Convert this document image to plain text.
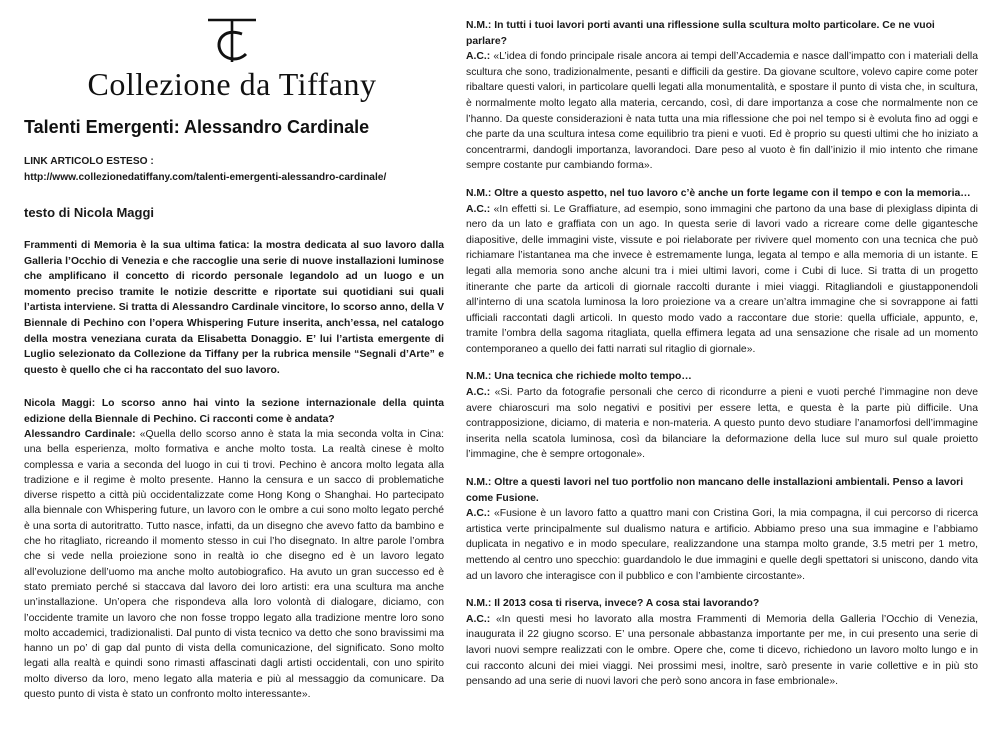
Collezione da Tiffany
Talenti Emergenti: Alessandro Cardinale
LINK ARTICOLO ESTESO :
http://www.collezionedatiffany.com/talenti-emergenti-alessandro-cardinale/
testo di Nicola Maggi
Frammenti di Memoria è la sua ultima fatica: la mostra dedicata al suo lavoro dalla Galleria l’Occhio di Venezia e che raccoglie una serie di nuove installazioni luminose che amplificano il concetto di ricordo personale legandolo ad un luogo e un momento preciso tramite le notizie descritte e riportate sui quotidiani sui quali l’artista interviene. Si tratta di Alessandro Cardinale vincitore, lo scorso anno, della V Biennale di Pechino con l’opera Whispering Future inserita, anch’essa, nel catalogo della mostra veneziana curata da Elisabetta Donaggio. E’ lui l’artista emergente di Luglio selezionato da Collezione da Tiffany per la rubrica mensile “Segnali d’Arte” e questo è quello che ci ha raccontato del suo lavoro.
Nicola Maggi: Lo scorso anno hai vinto la sezione internazionale della quinta edizione della Biennale di Pechino. Ci racconti come è andata?
Alessandro Cardinale: «Quella dello scorso anno è stata la mia seconda volta in Cina: una bella esperienza, molto formativa e anche molto tosta. La realtà cinese è molto complessa e varia a seconda del luogo in cui ti trovi. Pechino è ancora molto legata alla tradizione e il regime è molto presente. Hanno la censura e un sacco di problematiche diverse rispetto a città più occidentalizzate come Hong Kong o Shanghai. Ho partecipato alla biennale con Whispering future, un lavoro con le ombre a cui sono molto legato perché è una sorta di autoritratto. Tutto nasce, infatti, da un disegno che avevo fatto da bambino e che ho ritagliato, ricreando il momento stesso in cui l’ho disegnato. In altre parole l’ombra che si vede nella proiezione sono in realtà io che disegno ed è un lavoro legato all’evoluzione dell’uomo ma anche molto autobiografico. Ha avuto un gran successo ed è stato premiato perché si staccava dal lavoro dei loro artisti: era una scultura ma anche un’installazione. Un’opera che rispondeva alla loro volontà di dialogare, diciamo, con l’occidente tramite un lavoro che non fosse troppo legato alla tradizione mentre loro sono molto accademici, tradizionalisti. Dal punto di vista tecnico va detto che sono bravissimi ma hanno un po’ di gap dal punto di vista della comunicazione, del significato. Sono molto legati alla realtà e quindi sono rimasti affascinati dagli artisti occidentali, con uno spirito molto diverso da loro, meno legato alla materia e più al messaggio da comunicare. Da questo punto di vista è stato un confronto molto interessante».
N.M.: In tutti i tuoi lavori porti avanti una riflessione sulla scultura molto particolare. Ce ne vuoi parlare?
A.C.: «L’idea di fondo principale risale ancora ai tempi dell’Accademia e nasce dall’impatto con i materiali della scultura che sono, tradizionalmente, pesanti e difficili da gestire. Da giovane scultore, volevo capire come poter ribaltare questi valori, in particolare quelli legati alla monumentalità, e spostare il punto di vista che, in scultura, è normalmente molto legato alla materia, cercando, così, di dare importanza a cose che normalmente non ce l’hanno. Da queste considerazioni è nata tutta una mia riflessione che poi nel tempo si è evoluta fino ad oggi e che parte da una scultura intesa come equilibrio tra pieni e vuoti. Ed è proprio su questi ultimi che ho iniziato a concentrarmi, dandogli importanza, lavorandoci. Dare peso al vuoto è fin dall’inizio il mio intento che rimane sempre costante pur cambiando forma».
N.M.: Oltre a questo aspetto, nel tuo lavoro c’è anche un forte legame con il tempo e con la memoria…
A.C.: «In effetti si. Le Graffiature, ad esempio, sono immagini che partono da una base di plexiglass dipinta di nero da un lato e graffiata con un ago. In questa serie di lavori vado a ricreare come delle gigantesche diapositive, delle immagini viste, vissute e poi rielaborate per rivivere quel momento con una tecnica che può richiamare l’istantanea ma che invece è estremamente lunga, legata al tempo e alla memoria di un istante. E legati alla memoria sono anche alcuni tra i miei ultimi lavori, come i Cubi di luce. Si tratta di un progetto itinerante che parte da articoli di giornale raccolti durante i miei viaggi. Ritagliandoli e giustapponendoli all’interno di una scatola luminosa la loro proiezione va a creare un’altra immagine che si sovrappone ai fatti ufficiali raccontati dagli articoli. In questo modo vado a raccontare due storie: quella ufficiale, appunto, e, tramite l’ombra della sagoma ritagliata, quella effimera legata ad una sensazione che risale ad un momento contemporaneo a quello dei fatti narrati sul ritaglio di giornale».
N.M.: Una tecnica che richiede molto tempo…
A.C.: «Si. Parto da fotografie personali che cerco di ricondurre a pieni e vuoti perché l’immagine non deve avere chiaroscuri ma solo negativi e positivi per essere letta, e questa è la parte più difficile. Una contrapposizione, diciamo, di materia e non-materia. A questo punto devo studiare l’anamorfosi dell’immagine inserita nella scatola luminosa, così da bilanciare la deformazione della luce sul muro sul quale proietto l’immagine, che è sempre ortogonale».
N.M.: Oltre a questi lavori nel tuo portfolio non mancano delle installazioni ambientali. Penso a lavori come Fusione.
A.C.: «Fusione è un lavoro fatto a quattro mani con Cristina Gori, la mia compagna, il cui percorso di ricerca artistica verte principalmente sul dualismo natura e artificio. Abbiamo preso una sua immagine e l’abbiamo duplicata in negativo e in modo speculare, realizzandone una stampa molto grande, 3.5 metri per 1 metro, mettendo al centro uno specchio: guardandolo le due immagini e quelle degli spettatori si uniscono, dando vita ad un lavoro che interagisce con il pubblico e con l’ambiente circostante».
N.M.: Il 2013 cosa ti riserva, invece? A cosa stai lavorando?
A.C.: «In questi mesi ho lavorato alla mostra Frammenti di Memoria della Galleria l’Occhio di Venezia, inaugurata il 22 giugno scorso. E’ una personale abbastanza importante per me, in cui presento una serie di lavori nuovi sempre realizzati con le ombre. Opere che, come ti dicevo, richiedono un lavoro molto lungo e in cui racconto alcuni dei miei viaggi. Nei prossimi mesi, inoltre, sarò presente in varie collettive e in più sto pensando ad una serie di nuovi lavori che però sono ancora in fase embrionale».
